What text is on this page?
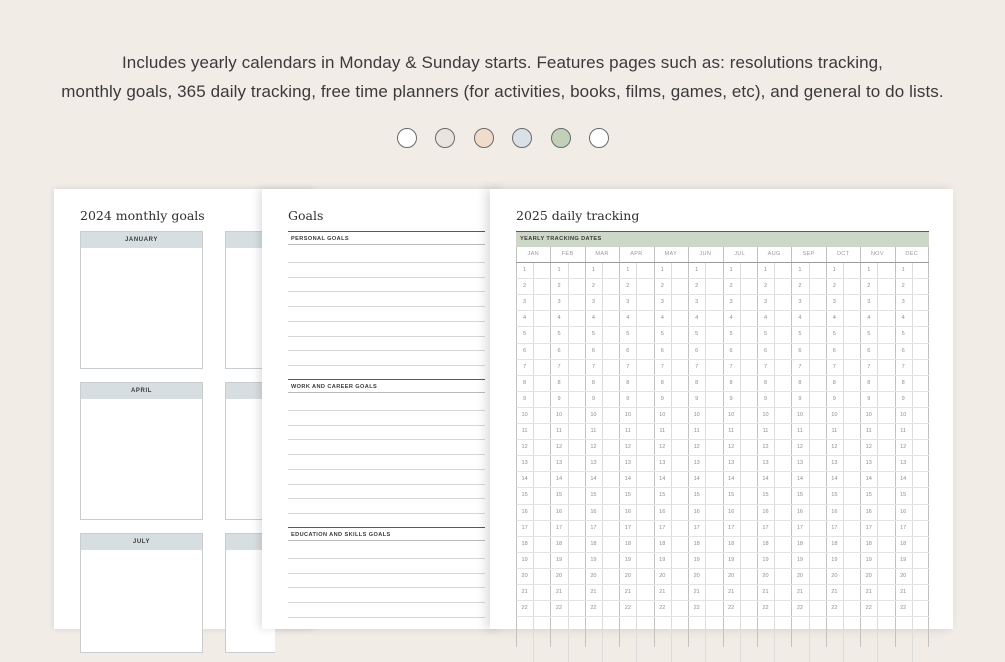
Includes yearly calendars in Monday & Sunday starts. Features pages such as: resolutions tracking,
monthly goals, 365 daily tracking, free time planners (for activities, books, films, games, etc), and general to do lists.
2024 monthly goals
JANUARY
APRIL
JULY
Goals
PERSONAL GOALS
WORK AND CAREER GOALS
EDUCATION AND SKILLS GOALS
2025 daily tracking
YEARLY TRACKING DATES
JAN	FEB	MAR	APR	MAY	JUN	JUL	AUG	SEP	OCT	NOV	DEC
1	1	1	1	1	1	1	1	1	1	1	1
2	2	2	2	2	2	2	2	2	2	2	2
3	3	3	3	3	3	3	3	3	3	3	3
4	4	4	4	4	4	4	4	4	4	4	4
5	5	5	5	5	5	5	5	5	5	5	5
6	6	6	6	6	6	6	6	6	6	6	6
7	7	7	7	7	7	7	7	7	7	7	7
8	8	8	8	8	8	8	8	8	8	8	8
9	9	9	9	9	9	9	9	9	9	9	9
10	10	10	10	10	10	10	10	10	10	10	10
11	11	11	11	11	11	11	11	11	11	11	11
12	12	12	12	12	12	12	12	12	12	12	12
13	13	13	13	13	13	13	13	13	13	13	13
14	14	14	14	14	14	14	14	14	14	14	14
15	15	15	15	15	15	15	15	15	15	15	15
16	16	16	16	16	16	16	16	16	16	16	16
17	17	17	17	17	17	17	17	17	17	17	17
18	18	18	18	18	18	18	18	18	18	18	18
19	19	19	19	19	19	19	19	19	19	19	19
20	20	20	20	20	20	20	20	20	20	20	20
21	21	21	21	21	21	21	21	21	21	21	21
22	22	22	22	22	22	22	22	22	22	22	22
